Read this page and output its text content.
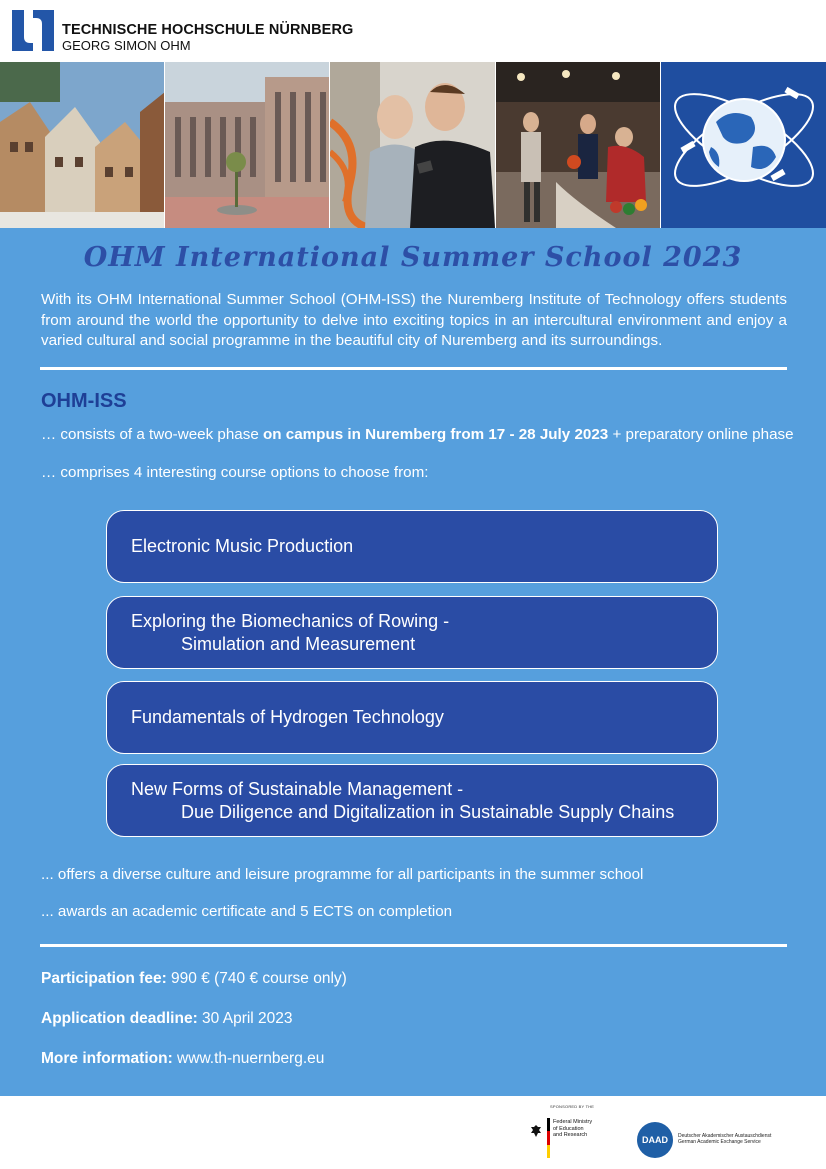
TECHNISCHE HOCHSCHULE NÜRNBERG
GEORG SIMON OHM
OHM International Summer School 2023
With its OHM International Summer School (OHM-ISS) the Nuremberg Institute of Technology offers students from around the world the opportunity to delve into exciting topics in an intercultural environment and enjoy a varied cultural and social programme in the beautiful city of Nuremberg and its surroundings.
OHM-ISS
… consists of a two-week phase on campus in Nuremberg from 17 - 28 July 2023 + preparatory online phase
… comprises 4 interesting course options to choose from:
Electronic Music Production
Exploring the Biomechanics of Rowing -
Simulation and Measurement
Fundamentals of Hydrogen Technology
New Forms of Sustainable Management -
Due Diligence and Digitalization in Sustainable Supply Chains
... offers a diverse culture and leisure programme for all participants in the summer school
... awards an academic certificate and 5 ECTS on completion
Participation fee: 990 € (740 € course only)
Application deadline: 30 April 2023
More information: www.th-nuernberg.eu
SPONSORED BY THE
Federal Ministry
of Education
and Research	DAAD	Deutscher Akademischer Austauschdienst
German Academic Exchange Service
